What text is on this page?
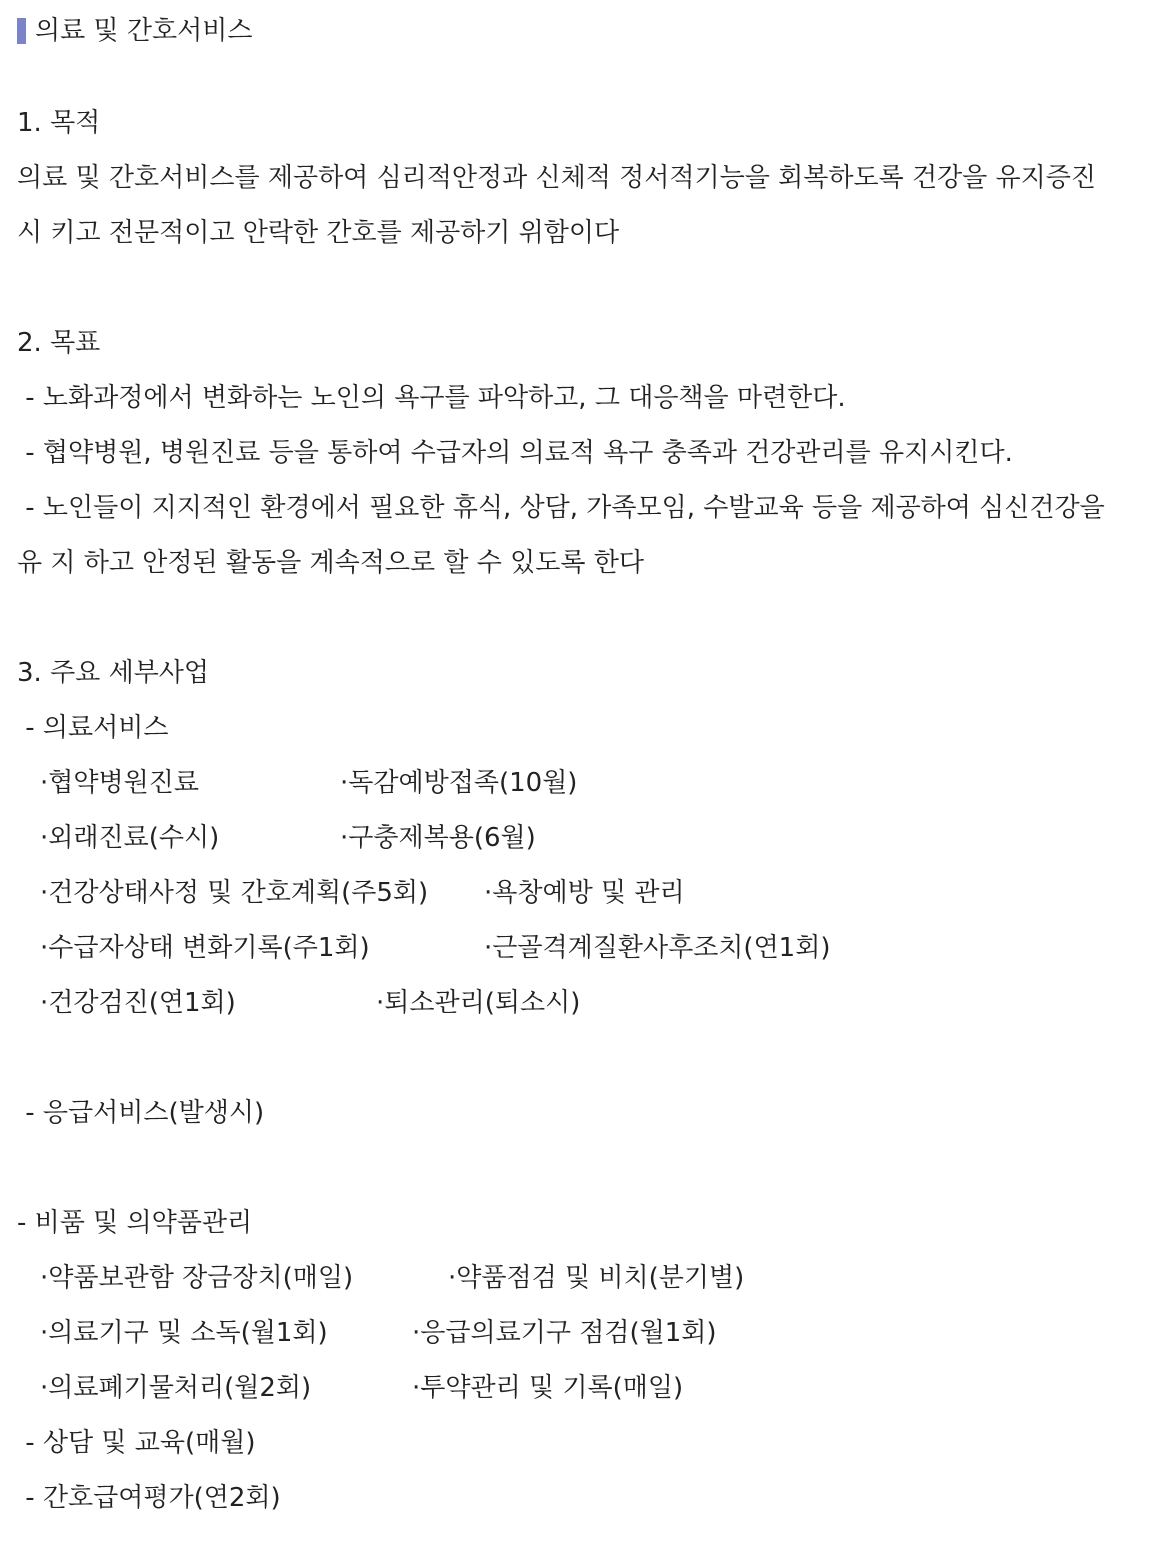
의료 및 간호서비스
1. 목적
의료 및 간호서비스를 제공하여 심리적안정과 신체적 정서적기능을 회복하도록 건강을 유지증진
시 키고 전문적이고 안락한 간호를 제공하기 위함이다
2. 목표
- 노화과정에서 변화하는 노인의 욕구를 파악하고, 그 대응책을 마련한다.
- 협약병원, 병원진료 등을 통하여 수급자의 의료적 욕구 충족과 건강관리를 유지시킨다.
- 노인들이 지지적인 환경에서 필요한 휴식, 상담, 가족모임, 수발교육 등을 제공하여 심신건강을
유 지 하고 안정된 활동을 계속적으로 할 수 있도록 한다
3. 주요 세부사업
- 의료서비스
·협약병원진료	·독감예방접족(10월)
·외래진료(수시)	·구충제복용(6월)
·건강상태사정 및 간호계획(주5회) ·욕창예방 및 관리
·수급자상태 변화기록(주1회)	·근골격계질환사후조치(연1회)
·건강검진(연1회)	·퇴소관리(퇴소시)
- 응급서비스(발생시)
- 비품 및 의약품관리
·약품보관함 장금장치(매일)	·약품점검 및 비치(분기별)
·의료기구 및 소독(월1회)	·응급의료기구 점검(월1회)
·의료폐기물처리(월2회)	·투약관리 및 기록(매일)
- 상담 및 교육(매월)
- 간호급여평가(연2회)
